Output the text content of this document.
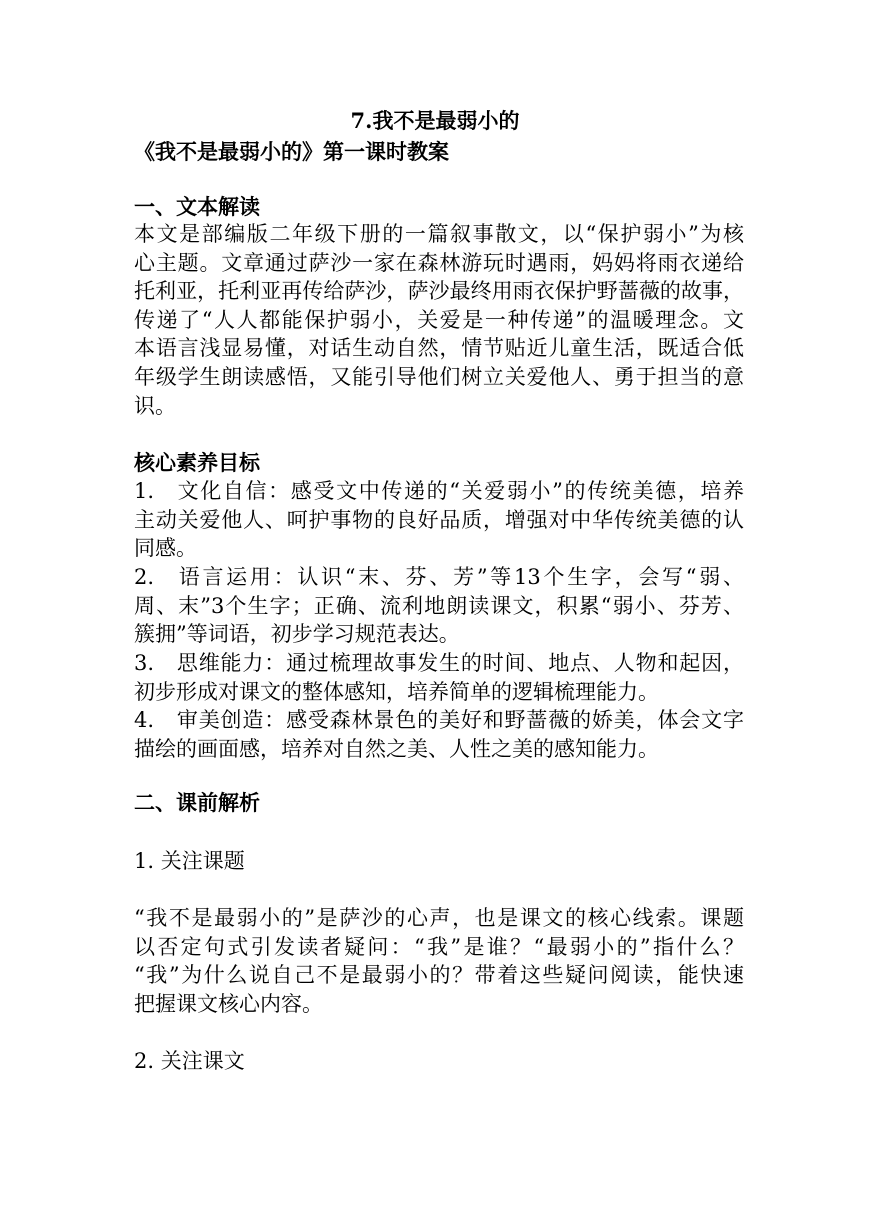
7.我不是最弱小的
《我不是最弱小的》第一课时教案
一、文本解读
本文是部编版二年级下册的一篇叙事散文，以“保护弱小”为核
心主题。文章通过萨沙一家在森林游玩时遇雨，妈妈将雨衣递给
托利亚，托利亚再传给萨沙，萨沙最终用雨衣保护野蔷薇的故事，
传递了“人人都能保护弱小，关爱是一种传递”的温暖理念。文
本语言浅显易懂，对话生动自然，情节贴近儿童生活，既适合低
年级学生朗读感悟，又能引导他们树立关爱他人、勇于担当的意
识。
核心素养目标
1. 文化自信：感受文中传递的“关爱弱小”的传统美德，培养
主动关爱他人、呵护事物的良好品质，增强对中华传统美德的认
同感。
2. 语言运用：认识“末、芬、芳”等13个生字，会写“弱、
周、末”3个生字；正确、流利地朗读课文，积累“弱小、芬芳、
簇拥”等词语，初步学习规范表达。
3. 思维能力：通过梳理故事发生的时间、地点、人物和起因，
初步形成对课文的整体感知，培养简单的逻辑梳理能力。
4. 审美创造：感受森林景色的美好和野蔷薇的娇美，体会文字
描绘的画面感，培养对自然之美、人性之美的感知能力。
二、课前解析
1. 关注课题
“我不是最弱小的”是萨沙的心声，也是课文的核心线索。课题
以否定句式引发读者疑问：“我”是谁？“最弱小的”指什么？
“我”为什么说自己不是最弱小的？带着这些疑问阅读，能快速
把握课文核心内容。
2. 关注课文
